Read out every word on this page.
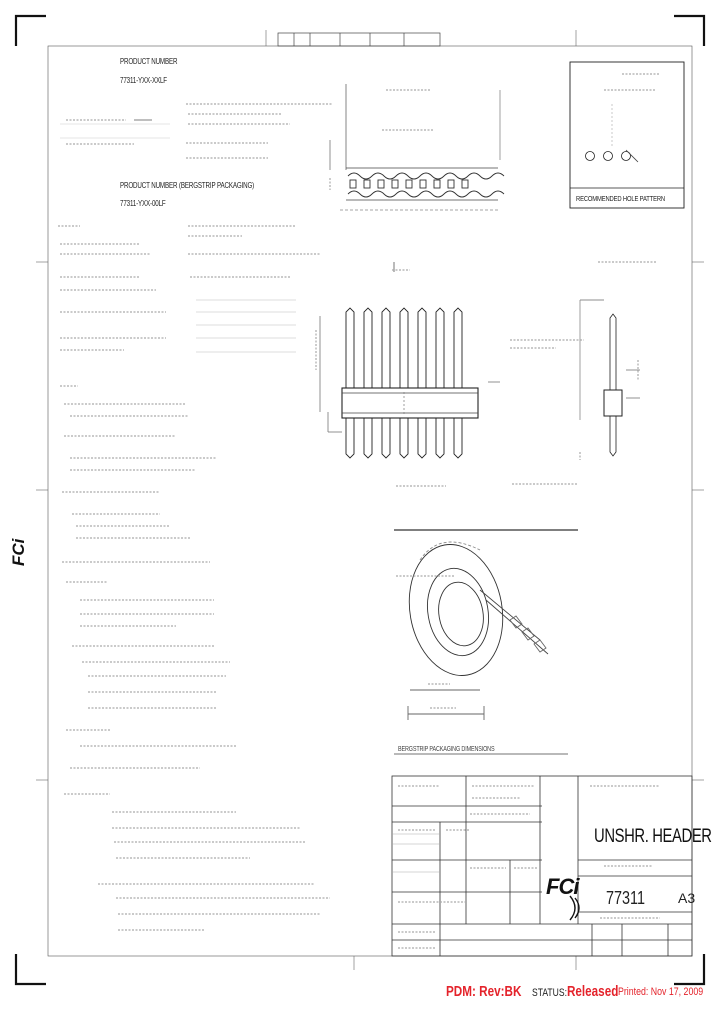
PRODUCT NUMBER
77311-YXX-XXLF
PRODUCT NUMBER (BERGSTRIP PACKAGING)
77311-YXX-00LF
RECOMMENDED HOLE PATTERN
BERGSTRIP PACKAGING DIMENSIONS
FCi
FCi
UNSHR. HEADER
77311 A3
PDM: Rev:BK STATUS:Released Printed: Nov 17, 2009
